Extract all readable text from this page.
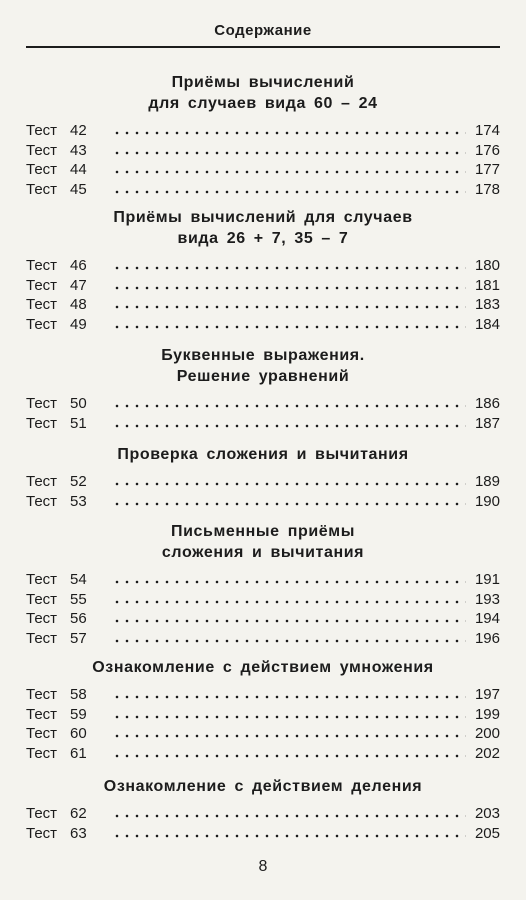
Содержание
Приёмы вычислений
для случаев вида 60 – 24
Тест 42	174
Тест 43	176
Тест 44	177
Тест 45	178
Приёмы вычислений для случаев
вида 26 + 7, 35 – 7
Тест 46	180
Тест 47	181
Тест 48	183
Тест 49	184
Буквенные выражения.
Решение уравнений
Тест 50	186
Тест 51	187
Проверка сложения и вычитания
Тест 52	189
Тест 53	190
Письменные приёмы
сложения и вычитания
Тест 54	191
Тест 55	193
Тест 56	194
Тест 57	196
Ознакомление с действием умножения
Тест 58	197
Тест 59	199
Тест 60	200
Тест 61	202
Ознакомление с действием деления
Тест 62	203
Тест 63	205
8
